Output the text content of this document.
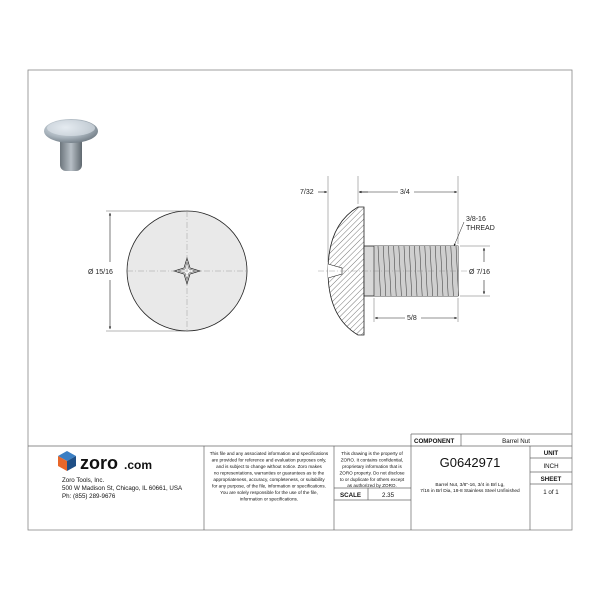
Ø 15/16
7/32	3/4
3/8-16
THREAD
Ø 7/16
5/8
zoro .com
Zoro Tools, Inc.
500 W Madison St, Chicago, IL 60661, USA
Ph: (855) 289-9676
This file and any associated information and specifications
are provided for reference and evaluation purposes only,
and is subject to change without notice. Zoro makes
no representations, warranties or guarantees as to the
appropriateness, accuracy, completeness, or suitability
for any purpose, of the file, information or specifications.
You are solely responsible for the use of the file,
information or specifications.
This drawing is the property of
ZORO. It contains confidential,
proprietary information that is
ZORO property. Do not disclose
to or duplicate for others except
as authorized by ZORO.
SCALE	2.35
COMPONENT	Barrel Nut
G0642971
Barrel Nut, 3/8"-16, 3/4 in Brl Lg,
7/16 in Brl Dia, 18-8 Stainless Steel Unfinished
UNIT
INCH
SHEET
1 of 1
